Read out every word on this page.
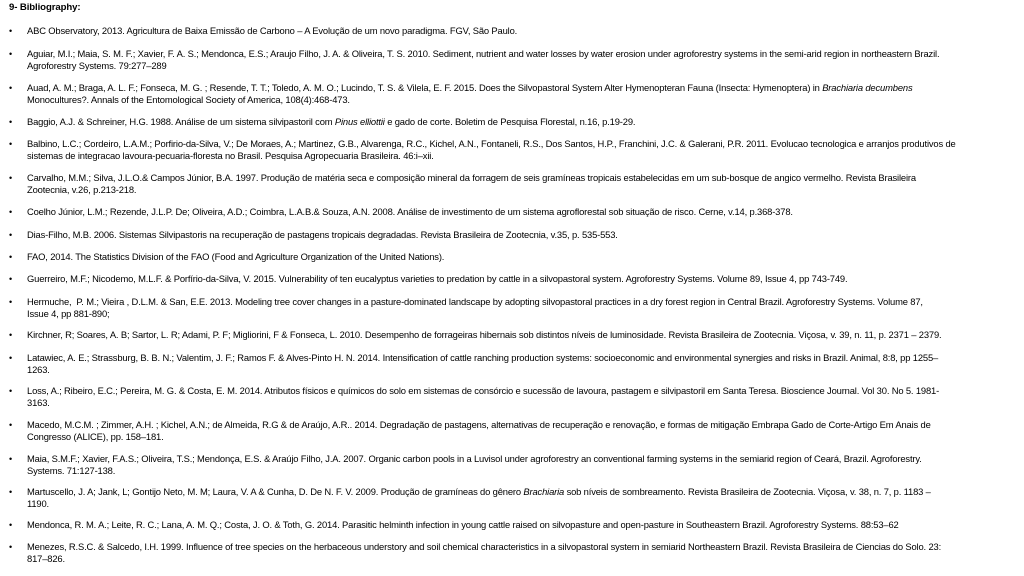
9- Bibliography:
• ABC Observatory, 2013. Agricultura de Baixa Emissão de Carbono – A Evolução de um novo paradigma. FGV, São Paulo.
• Aguiar, M.I.; Maia, S. M. F.; Xavier, F. A. S.; Mendonca, E.S.; Araujo Filho, J. A. & Oliveira, T. S. 2010. Sediment, nutrient and water losses by water erosion under agroforestry systems in the semi-arid region in northeastern Brazil.
Agroforestry Systems. 79:277–289
• Auad, A. M.; Braga, A. L. F.; Fonseca, M. G. ; Resende, T. T.; Toledo, A. M. O.; Lucindo, T. S. & Vilela, E. F. 2015. Does the Silvopastoral System Alter Hymenopteran Fauna (Insecta: Hymenoptera) in Brachiaria decumbens
Monocultures?. Annals of the Entomological Society of America, 108(4):468-473.
• Baggio, A.J. & Schreiner, H.G. 1988. Análise de um sistema silvipastoril com Pinus elliottii e gado de corte. Boletim de Pesquisa Florestal, n.16, p.19-29.
• Balbino, L.C.; Cordeiro, L.A.M.; Porfirio-da-Silva, V.; De Moraes, A.; Martinez, G.B., Alvarenga, R.C., Kichel, A.N., Fontaneli, R.S., Dos Santos, H.P., Franchini, J.C. & Galerani, P.R. 2011. Evolucao tecnologica e arranjos produtivos de
sistemas de integracao lavoura-pecuaria-floresta no Brasil. Pesquisa Agropecuaria Brasileira. 46:i–xii.
• Carvalho, M.M.; Silva, J.L.O.& Campos Júnior, B.A. 1997. Produção de matéria seca e composição mineral da forragem de seis gramíneas tropicais estabelecidas em um sub-bosque de angico vermelho. Revista Brasileira
Zootecnia, v.26, p.213-218.
• Coelho Júnior, L.M.; Rezende, J.L.P. De; Oliveira, A.D.; Coimbra, L.A.B.& Souza, A.N. 2008. Análise de investimento de um sistema agroflorestal sob situação de risco. Cerne, v.14, p.368-378.
• Dias-Filho, M.B. 2006. Sistemas Silvipastoris na recuperação de pastagens tropicais degradadas. Revista Brasileira de Zootecnia, v.35, p. 535-553.
• FAO, 2014. The Statistics Division of the FAO (Food and Agriculture Organization of the United Nations).
• Guerreiro, M.F.; Nicodemo, M.L.F. & Porfírio-da-Silva, V. 2015. Vulnerability of ten eucalyptus varieties to predation by cattle in a silvopastoral system. Agroforestry Systems. Volume 89, Issue 4, pp 743-749.
• Hermuche,  P. M.; Vieira , D.L.M. & San, E.E. 2013. Modeling tree cover changes in a pasture-dominated landscape by adopting silvopastoral practices in a dry forest region in Central Brazil. Agroforestry Systems. Volume 87,
Issue 4, pp 881-890;
• Kirchner, R; Soares, A. B; Sartor, L. R; Adami, P. F; Migliorini, F & Fonseca, L. 2010. Desempenho de forrageiras hibernais sob distintos níveis de luminosidade. Revista Brasileira de Zootecnia. Viçosa, v. 39, n. 11, p. 2371 – 2379.
• Latawiec, A. E.; Strassburg, B. B. N.; Valentim, J. F.; Ramos F. & Alves-Pinto H. N. 2014. Intensification of cattle ranching production systems: socioeconomic and environmental synergies and risks in Brazil. Animal, 8:8, pp 1255–
1263.
• Loss, A.; Ribeiro, E.C.; Pereira, M. G. & Costa, E. M. 2014. Atributos físicos e químicos do solo em sistemas de consórcio e sucessão de lavoura, pastagem e silvipastoril em Santa Teresa. Bioscience Journal. Vol 30. No 5. 1981-
3163.
• Macedo, M.C.M. ; Zimmer, A.H. ; Kichel, A.N.; de Almeida, R.G & de Araújo, A.R.. 2014. Degradação de pastagens, alternativas de recuperação e renovação, e formas de mitigação Embrapa Gado de Corte-Artigo Em Anais de
Congresso (ALICE), pp. 158–181.
• Maia, S.M.F.; Xavier, F.A.S.; Oliveira, T.S.; Mendonça, E.S. & Araújo Filho, J.A. 2007. Organic carbon pools in a Luvisol under agroforestry an conventional farming systems in the semiarid region of Ceará, Brazil. Agroforestry.
Systems. 71:127-138.
• Martuscello, J. A; Jank, L; Gontijo Neto, M. M; Laura, V. A & Cunha, D. De N. F. V. 2009. Produção de gramíneas do gênero Brachiaria sob níveis de sombreamento. Revista Brasileira de Zootecnia. Viçosa, v. 38, n. 7, p. 1183 –
1190.
• Mendonca, R. M. A.; Leite, R. C.; Lana, A. M. Q.; Costa, J. O. & Toth, G. 2014. Parasitic helminth infection in young cattle raised on silvopasture and open-pasture in Southeastern Brazil. Agroforestry Systems. 88:53–62
• Menezes, R.S.C. & Salcedo, I.H. 1999. Influence of tree species on the herbaceous understory and soil chemical characteristics in a silvopastoral system in semiarid Northeastern Brazil. Revista Brasileira de Ciencias do Solo. 23:
817–826.
